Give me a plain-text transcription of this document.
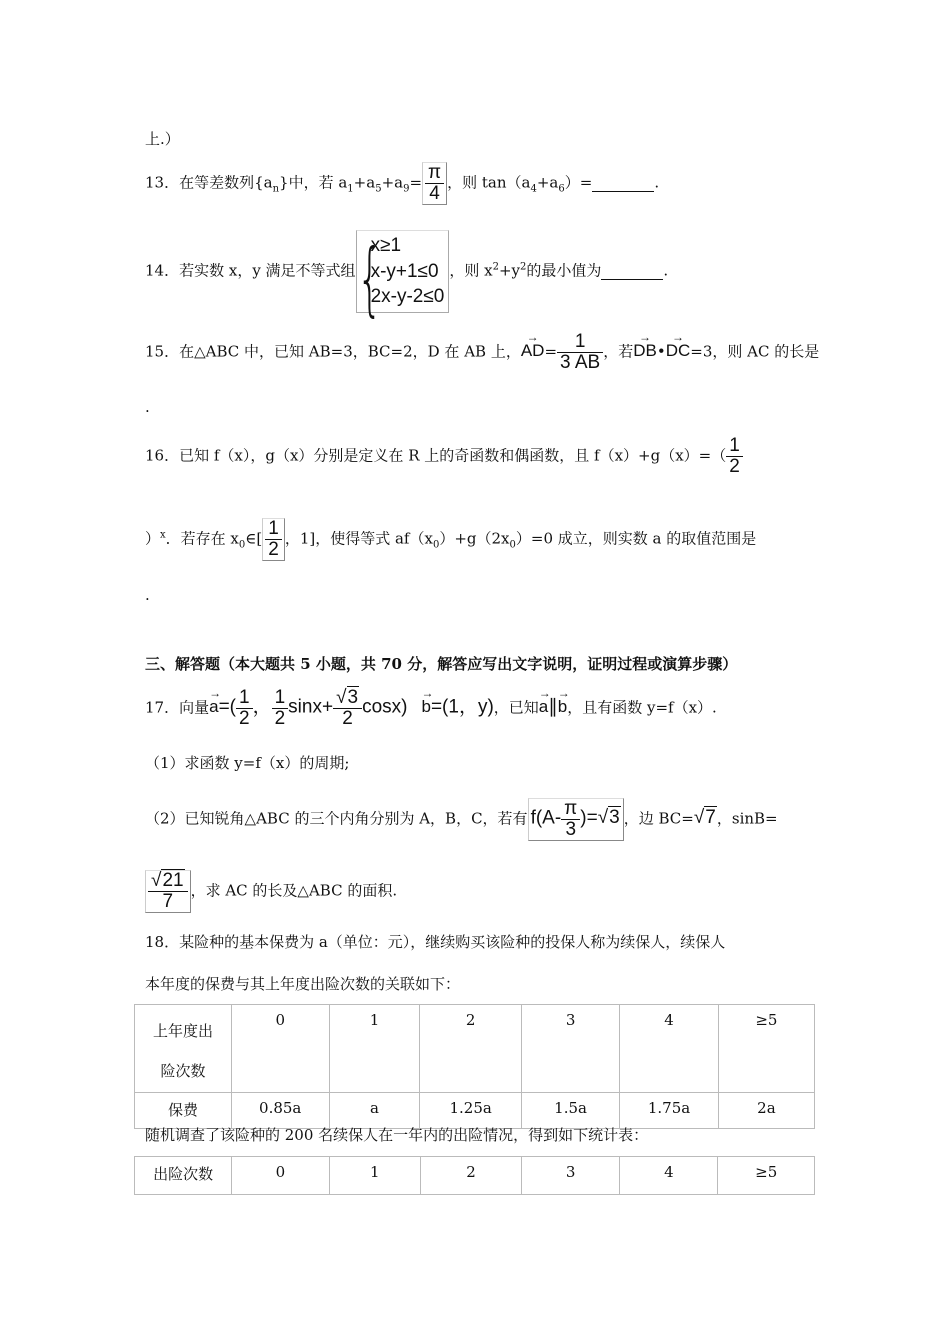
上.）
13．在等差数列$\{a_n\}$中，若 $a_1+a_5+a_9= \frac{\pi}{4}$ ，则 $\tan(a_4+a_6)=$	.
14．若实数 x，y 满足不等式组
{ x≥1
x-y+1≤0
2x-y-2≤0
，则 $x^2+y^2$的最小值为	.
15．在△ABC 中，已知 AB=3，BC=2，D 在 AB 上，→ $AD= \frac{1}{3 AB}$ ，若→ DB•→ DC=3，则 AC 的长是
.
16．已知 f（x），g（x）分别是定义在 R 上的奇函数和偶函数，且 $f(x)+g(x)=( \frac{1}{2}$
）$^x$．若存在 $x_0\in[ \frac{1}{2}$ ，1]，使得等式 $af(x_0)+g(2x_0)=0$ 成立，则实数 a 的取值范围是
.
三、解答题（本大题共 5 小题，共 70 分，解答应写出文字说明，证明过程或演算步骤）
17．向量→ $a=( \frac{1}{2}$ ， $\frac{1}{2} \sin x+ \frac{√3}{2} \cos x) \to b=(1$，y)，已知→ a∥→ b，且有函数 y=f（x）.
（1）求函数 y=f（x）的周期;
（2）已知锐角△ABC 的三个内角分别为 A，B，C，若有 $f(A- \frac{\pi}{3} )=√3$ ，边 BC=√7，sinB=
$\frac{√21}{7}$ ，求 AC 的长及△ABC 的面积.
18．某险种的基本保费为 a（单位：元），继续购买该险种的投保人称为续保人，续保人
本年度的保费与其上年度出险次数的关联如下：
上年度出
险次数	0	1	2	3	4	≥5
保费	0.85a	a	1.25a	1.5a	1.75a	2a
随机调查了该险种的 200 名续保人在一年内的出险情况，得到如下统计表：
出险次数	0	1	2	3	4	≥5
